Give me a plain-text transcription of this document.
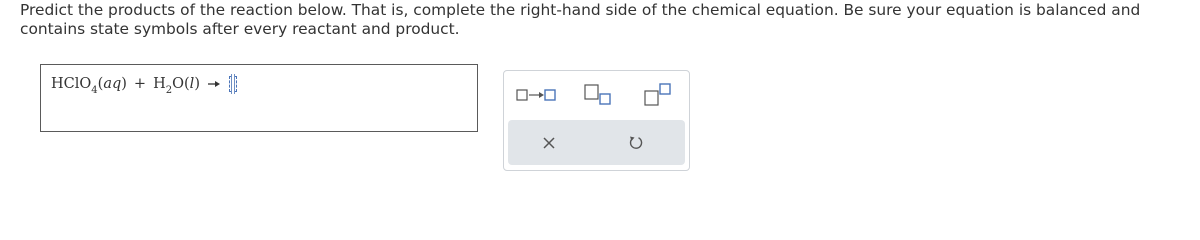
Predict the products of the reaction below. That is, complete the right-hand side of the chemical equation. Be sure your equation is balanced and contains state symbols after every reactant and product.

HClO$_4$ $(aq) + H_2O$ (l) →
